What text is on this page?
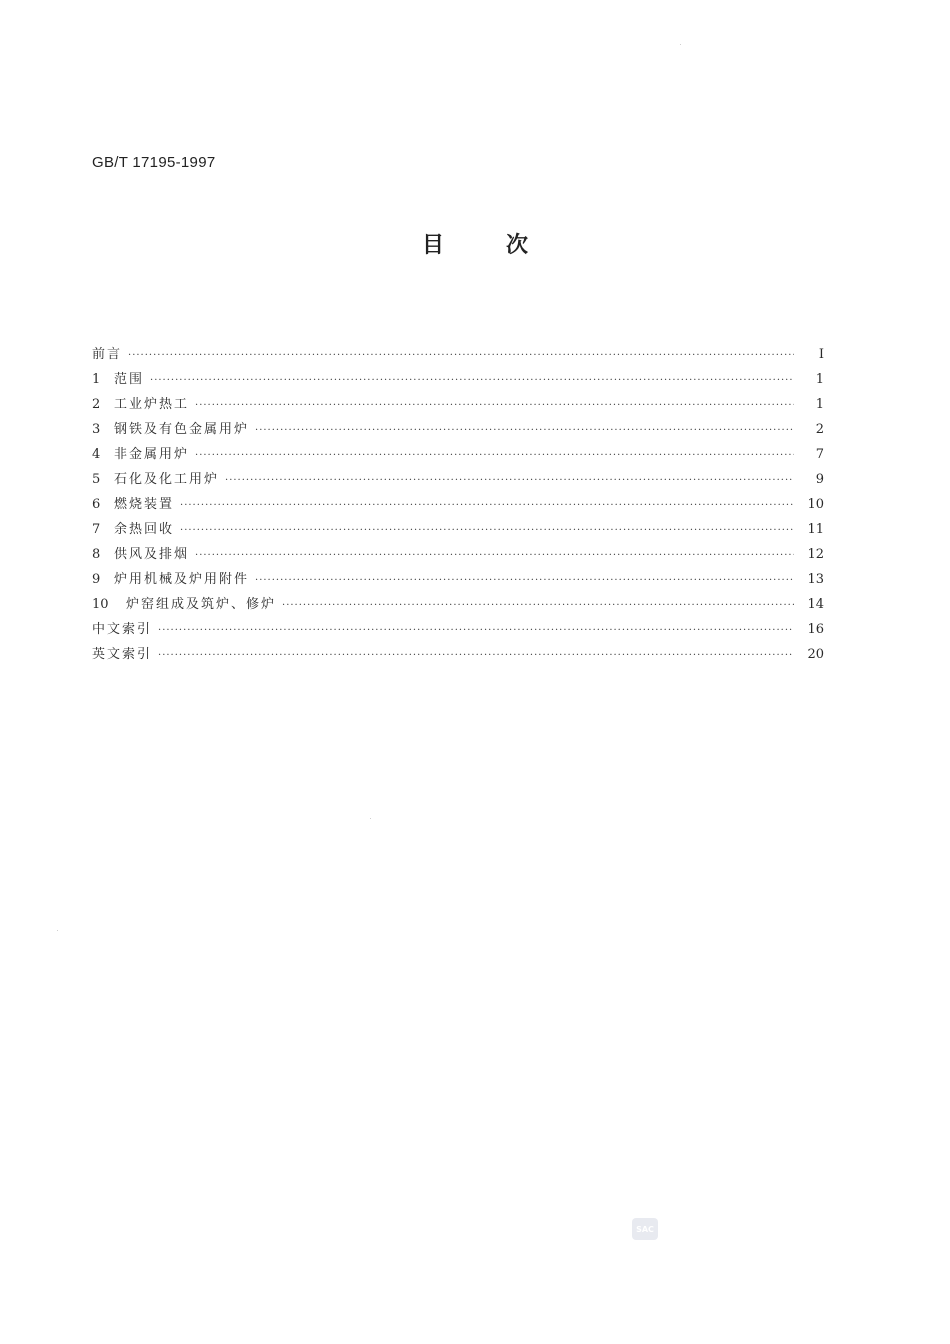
GB/T 17195-1997
目次
前言 ·····	I
1	范围 ·····	1
2	工业炉热工 ·····	1
3	钢铁及有色金属用炉 ·····	2
4	非金属用炉 ·····	7
5	石化及化工用炉 ·····	9
6	燃烧装置 ·····	10
7	余热回收 ·····	11
8	供风及排烟 ·····	12
9	炉用机械及炉用附件 ·····	13
10	炉窑组成及筑炉、修炉 ·····	14
中文索引 ·····	16
英文索引 ·····	20
SAC
